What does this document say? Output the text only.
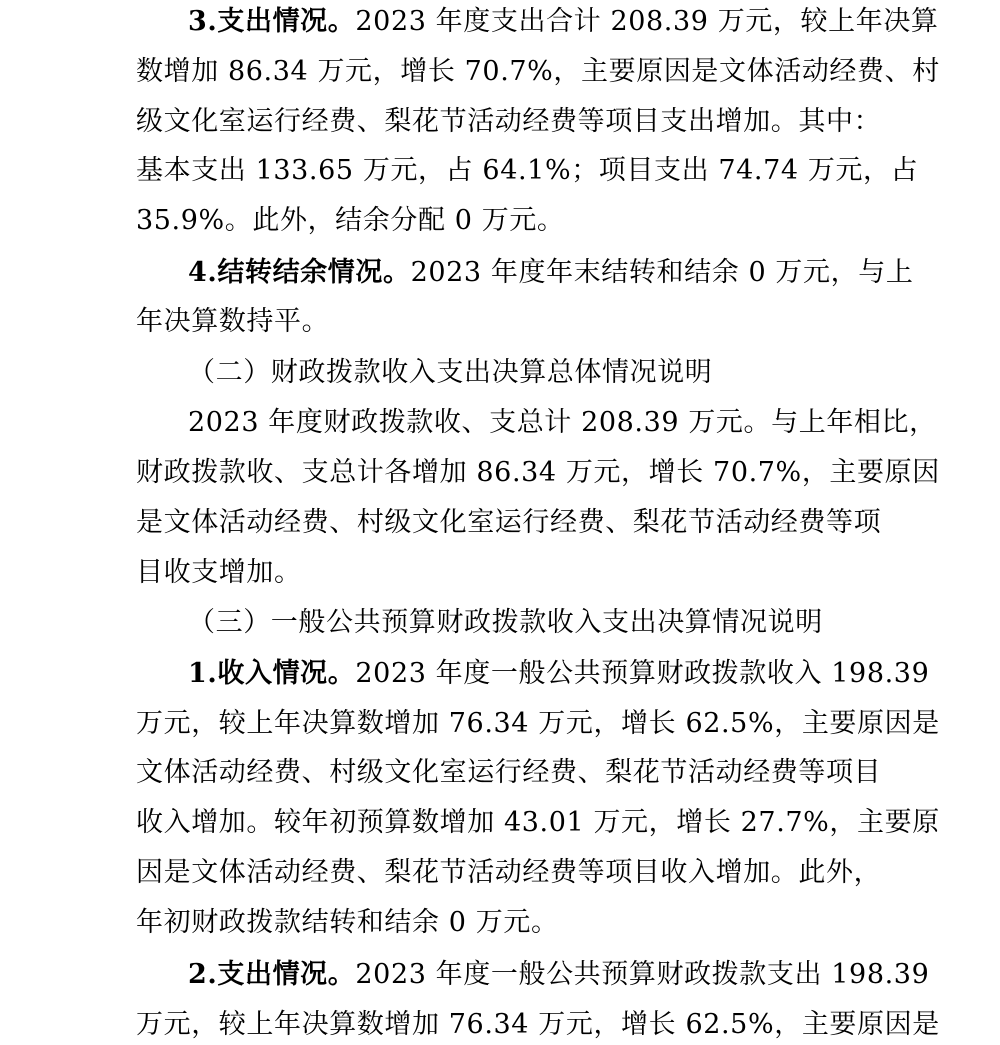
3.支出情况。2023 年度支出合计 208.39 万元，较上年决算
数增加 86.34 万元，增长 70.7%，主要原因是文体活动经费、村
级文化室运行经费、梨花节活动经费等项目支出增加。其中：
基本支出 133.65 万元，占 64.1%；项目支出 74.74 万元，占
35.9%。此外，结余分配 0 万元。
4.结转结余情况。2023 年度年末结转和结余 0 万元，与上
年决算数持平。
（二）财政拨款收入支出决算总体情况说明
2023 年度财政拨款收、支总计 208.39 万元。与上年相比，
财政拨款收、支总计各增加 86.34 万元，增长 70.7%，主要原因
是文体活动经费、村级文化室运行经费、梨花节活动经费等项
目收支增加。
（三）一般公共预算财政拨款收入支出决算情况说明
1.收入情况。2023 年度一般公共预算财政拨款收入 198.39
万元，较上年决算数增加 76.34 万元，增长 62.5%，主要原因是
文体活动经费、村级文化室运行经费、梨花节活动经费等项目
收入增加。较年初预算数增加 43.01 万元，增长 27.7%，主要原
因是文体活动经费、梨花节活动经费等项目收入增加。此外，
年初财政拨款结转和结余 0 万元。
2.支出情况。2023 年度一般公共预算财政拨款支出 198.39
万元，较上年决算数增加 76.34 万元，增长 62.5%，主要原因是
